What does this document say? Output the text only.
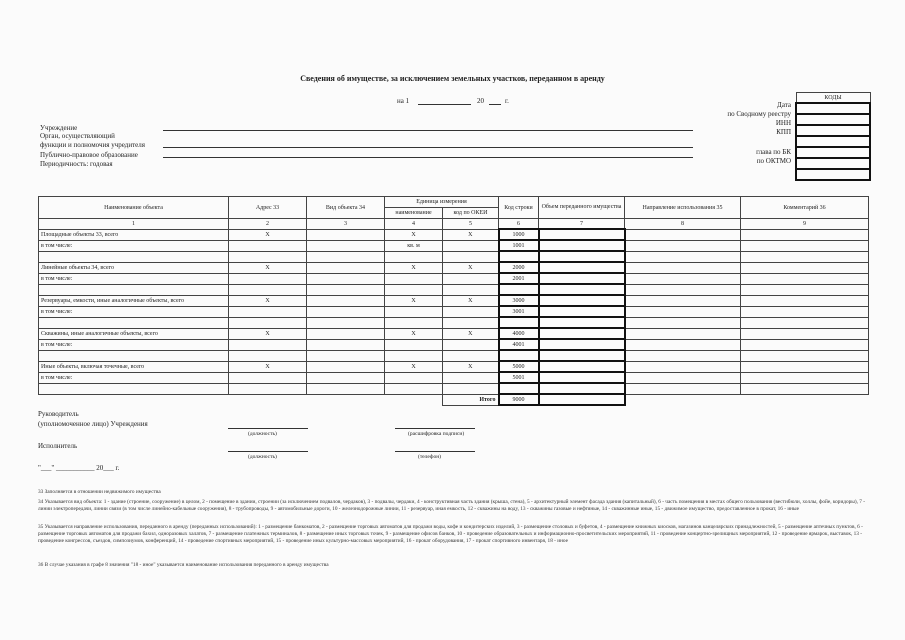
Сведения об имуществе, за исключением земельных участков, переданном в аренду
на 1	20	г.	КОДЫ

Дата
по Сводному реестру
ИНН
КПП
глава по БК
по ОКТМО
Учреждение
Орган, осуществляющий
функции и полномочия учредителя
Публично-правовое образование
Периодичность: годовая
Наименование объекта	Адрес 33	Вид объекта 34	Единица измерения		Код строки	Объем переданного имущества	Направление использования 35	Комментарий 36
			наименование	код по ОКЕИ				
1	2	3	4	5	6	7	8	9
Площадные объекты 33, всего	X		X	X	1000			
в том числе:			кв. м		1001			

Линейные объекты 34, всего	X		X	X	2000			
в том числе:					2001			

Резервуары, емкости, иные аналогичные объекты, всего	X		X	X	3000			
в том числе:					3001			

Скважины, иные аналогичные объекты, всего	X		X	X	4000			
в том числе:					4001			

Иные объекты, включая точечные, всего	X		X	X	5000			
в том числе:					5001			

				Итого	9000			
Руководитель
(уполномоченное лицо) Учреждения
(должность)	(расшифровка подписи)
Исполнитель
(должность)	(телефон)
"___" ___________ 20___ г.
33 Заполняется в отношении недвижимого имущества
34 Указывается вид объекта: 1 - здание (строение, сооружение) в целом, 2 - помещение в здании, строении (за исключением подвалов, чердаков), 3 - подвалы, чердаки, 4 - конструктивная часть здания (крыша, стена), 5 - архитектурный элемент фасада здания (капитальный), 6 - часть помещения в местах общего пользования (вестибюли, холлы, фойе, коридоры), 7 - линии электропередачи, линии связи (в том числе линейно-кабельные сооружения), 8 - трубопроводы, 9 - автомобильные дороги, 10 - железнодорожные линии, 11 - резервуар, иная емкость, 12 - скважины на воду, 13 - скважины газовые и нефтяные, 14 - скважинные иные, 15 - движимое имущество, предоставленное в прокат, 16 - иные
35 Указывается направление использования, переданного в аренду (переданных использований): 1 - размещение банкоматов, 2 - размещение торговых автоматов для продажи воды, кофе и кондитерских изделий, 3 - размещение столовых и буфетов, 4 - размещение книжных киосков, магазинов канцелярских принадлежностей, 5 - размещение аптечных пунктов, 6 - размещение торговых автоматов для продажи бахил, одноразовых халатов, 7 - размещение платежных терминалов, 8 - размещение иных торговых точек, 9 - размещение офисов банков, 10 - проведение образовательных и информационно-просветительских мероприятий, 11 - проведение концертно-зрелищных мероприятий, 12 - проведение ярмарок, выставок, 13 - проведение конгрессов, съездов, симпозиумов, конференций, 14 - проведение спортивных мероприятий, 15 - проведение иных культурно-массовых мероприятий, 16 - прокат оборудования, 17 - прокат спортивного инвентаря, 18 - иное
36 В случае указания в графе 8 значения "18 - иное" указывается наименование использования переданного в аренду имущества
